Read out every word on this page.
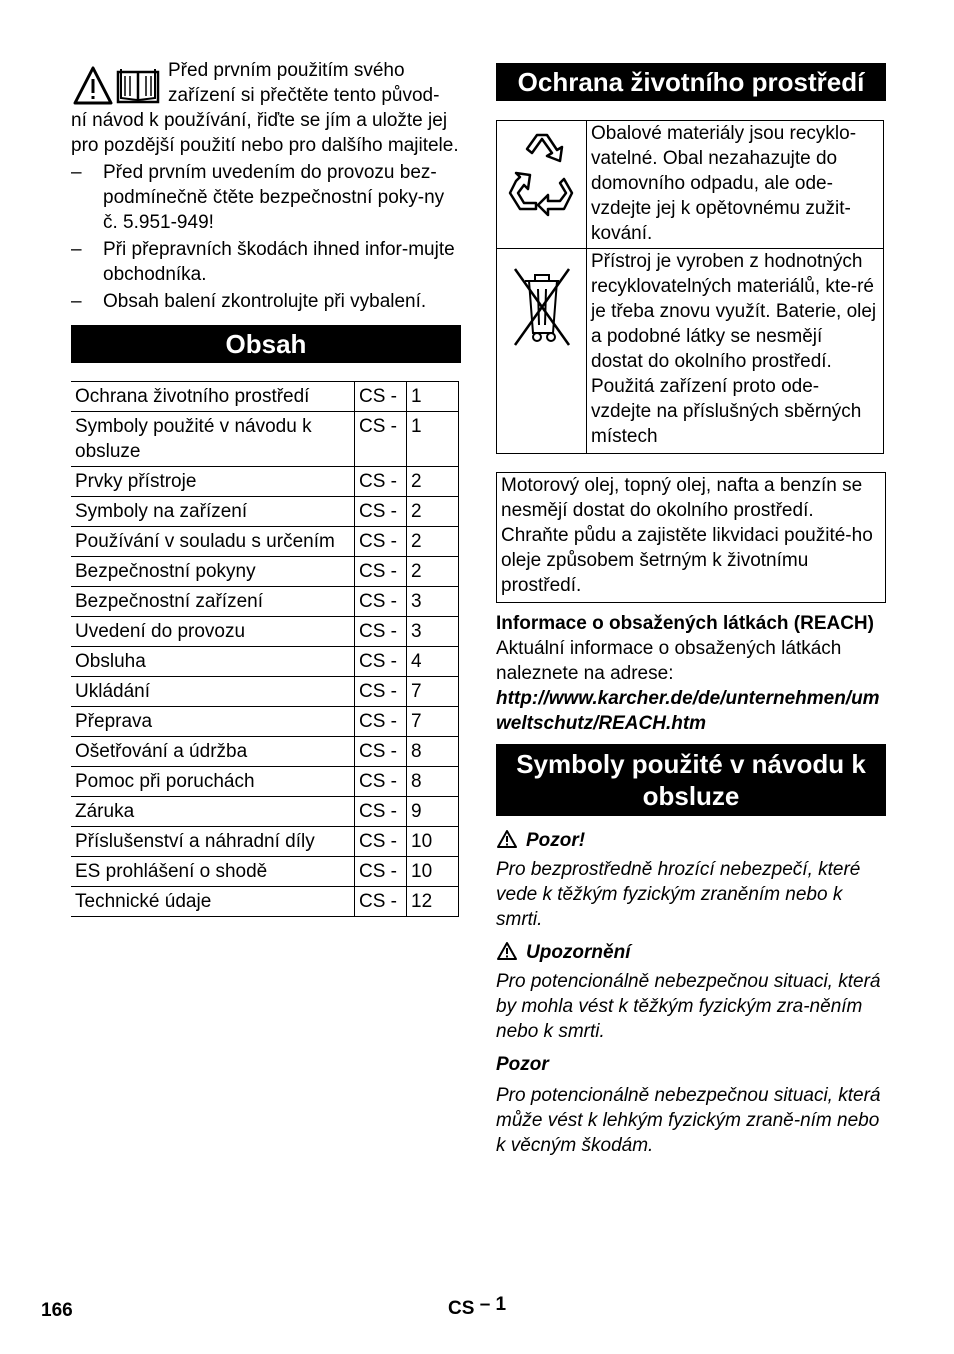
Před prvním použitím svého

zařízení si přečtěte tento původ-

ní návod k používání, řiďte se jím a uložte jej pro pozdější použití nebo pro dalšího majitele.

– Před prvním uvedením do provozu bez-podmínečně čtěte bezpečnostní poky-ny č. 5.951-949!
– Při přepravních škodách ihned infor-mujte obchodníka.
– Obsah balení zkontrolujte při vybalení.
Obsah
Ochrana životního prostředí	CS -	1
Symboly použité v návodu k obsluze	CS -	1
Prvky přístroje	CS -	2
Symboly na zařízení	CS -	2
Používání v souladu s určením	CS -	2
Bezpečnostní pokyny	CS -	2
Bezpečnostní zařízení	CS -	3
Uvedení do provozu	CS -	3
Obsluha	CS -	4
Ukládání	CS -	7
Přeprava	CS -	7
Ošetřování a údržba	CS -	8
Pomoc při poruchách	CS -	8
Záruka	CS -	9
Příslušenství a náhradní díly	CS -	10
ES prohlášení o shodě	CS -	10
Technické údaje	CS -	12
Ochrana životního prostředí
	Obalové materiály jsou recyklo-vatelné. Obal nezahazujte do domovního odpadu, ale ode-vzdejte jej k opětovnému zužit-kování.
	Přístroj je vyroben z hodnotných recyklovatelných materiálů, kte-ré je třeba znovu využít. Baterie, olej a podobné látky se nesmějí dostat do okolního prostředí. Použitá zařízení proto ode-vzdejte na příslušných sběrných místech

Motorový olej, topný olej, nafta a benzín se nesmějí dostat do okolního prostředí. Chraňte půdu a zajistěte likvidaci použité-ho oleje způsobem šetrným k životnímu prostředí.

Informace o obsažených látkách (REACH)

Aktuální informace o obsažených látkách naleznete na adrese:

http://www.karcher.de/de/unternehmen/umweltschutz/REACH.htm

Symboly použité v návodu k obsluze

Pozor!

Pro bezprostředně hrozící nebezpečí, které vede k těžkým fyzickým zraněním nebo k smrti.

Upozornění

Pro potencionálně nebezpečnou situaci, která by mohla vést k těžkým fyzickým zra-něním nebo k smrti.

Pozor

Pro potencionálně nebezpečnou situaci, která může vést k lehkým fyzickým zraně-ním nebo k věcným škodám.

166	CS – 1
